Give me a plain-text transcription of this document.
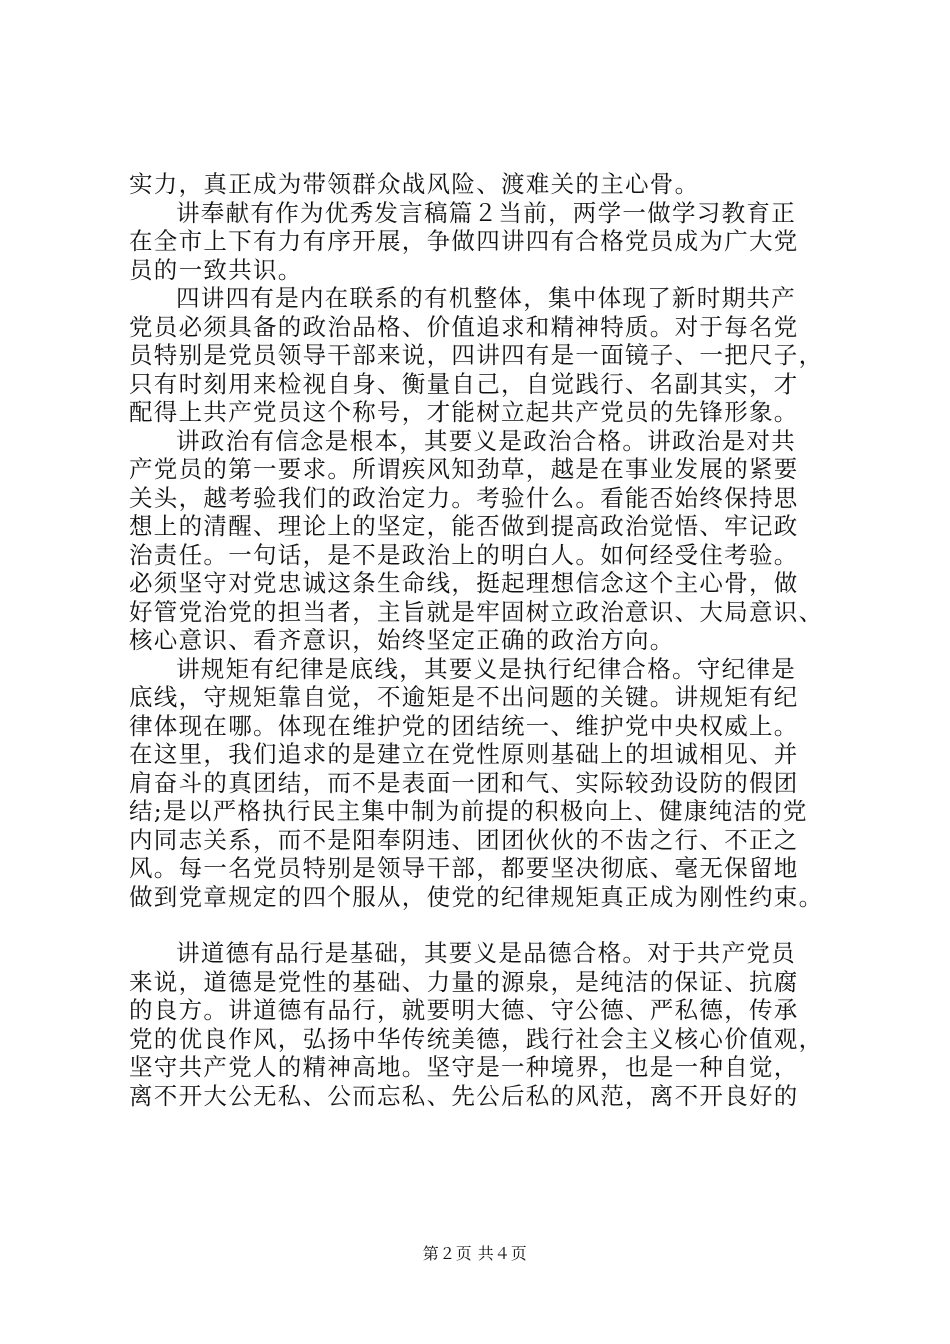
实力，真正成为带领群众战风险、渡难关的主心骨。
讲奉献有作为优秀发言稿篇２当前，两学一做学习教育正
在全市上下有力有序开展，争做四讲四有合格党员成为广大党
员的一致共识。
四讲四有是内在联系的有机整体，集中体现了新时期共产
党员必须具备的政治品格、价值追求和精神特质。对于每名党
员特别是党员领导干部来说，四讲四有是一面镜子、一把尺子，
只有时刻用来检视自身、衡量自己，自觉践行、名副其实，才
配得上共产党员这个称号，才能树立起共产党员的先锋形象。
讲政治有信念是根本，其要义是政治合格。讲政治是对共
产党员的第一要求。所谓疾风知劲草，越是在事业发展的紧要
关头，越考验我们的政治定力。考验什么。看能否始终保持思
想上的清醒、理论上的坚定，能否做到提高政治觉悟、牢记政
治责任。一句话，是不是政治上的明白人。如何经受住考验。
必须坚守对党忠诚这条生命线，挺起理想信念这个主心骨，做
好管党治党的担当者，主旨就是牢固树立政治意识、大局意识、
核心意识、看齐意识，始终坚定正确的政治方向。
讲规矩有纪律是底线，其要义是执行纪律合格。守纪律是
底线，守规矩靠自觉，不逾矩是不出问题的关键。讲规矩有纪
律体现在哪。体现在维护党的团结统一、维护党中央权威上。
在这里，我们追求的是建立在党性原则基础上的坦诚相见、并
肩奋斗的真团结，而不是表面一团和气、实际较劲设防的假团
结;是以严格执行民主集中制为前提的积极向上、健康纯洁的党
内同志关系，而不是阳奉阴违、团团伙伙的不齿之行、不正之
风。每一名党员特别是领导干部，都要坚决彻底、毫无保留地
做到党章规定的四个服从，使党的纪律规矩真正成为刚性约束。
讲道德有品行是基础，其要义是品德合格。对于共产党员
来说，道德是党性的基础、力量的源泉，是纯洁的保证、抗腐
的良方。讲道德有品行，就要明大德、守公德、严私德，传承
党的优良作风，弘扬中华传统美德，践行社会主义核心价值观，
坚守共产党人的精神高地。坚守是一种境界，也是一种自觉，
离不开大公无私、公而忘私、先公后私的风范，离不开良好的
第２页 共４页
